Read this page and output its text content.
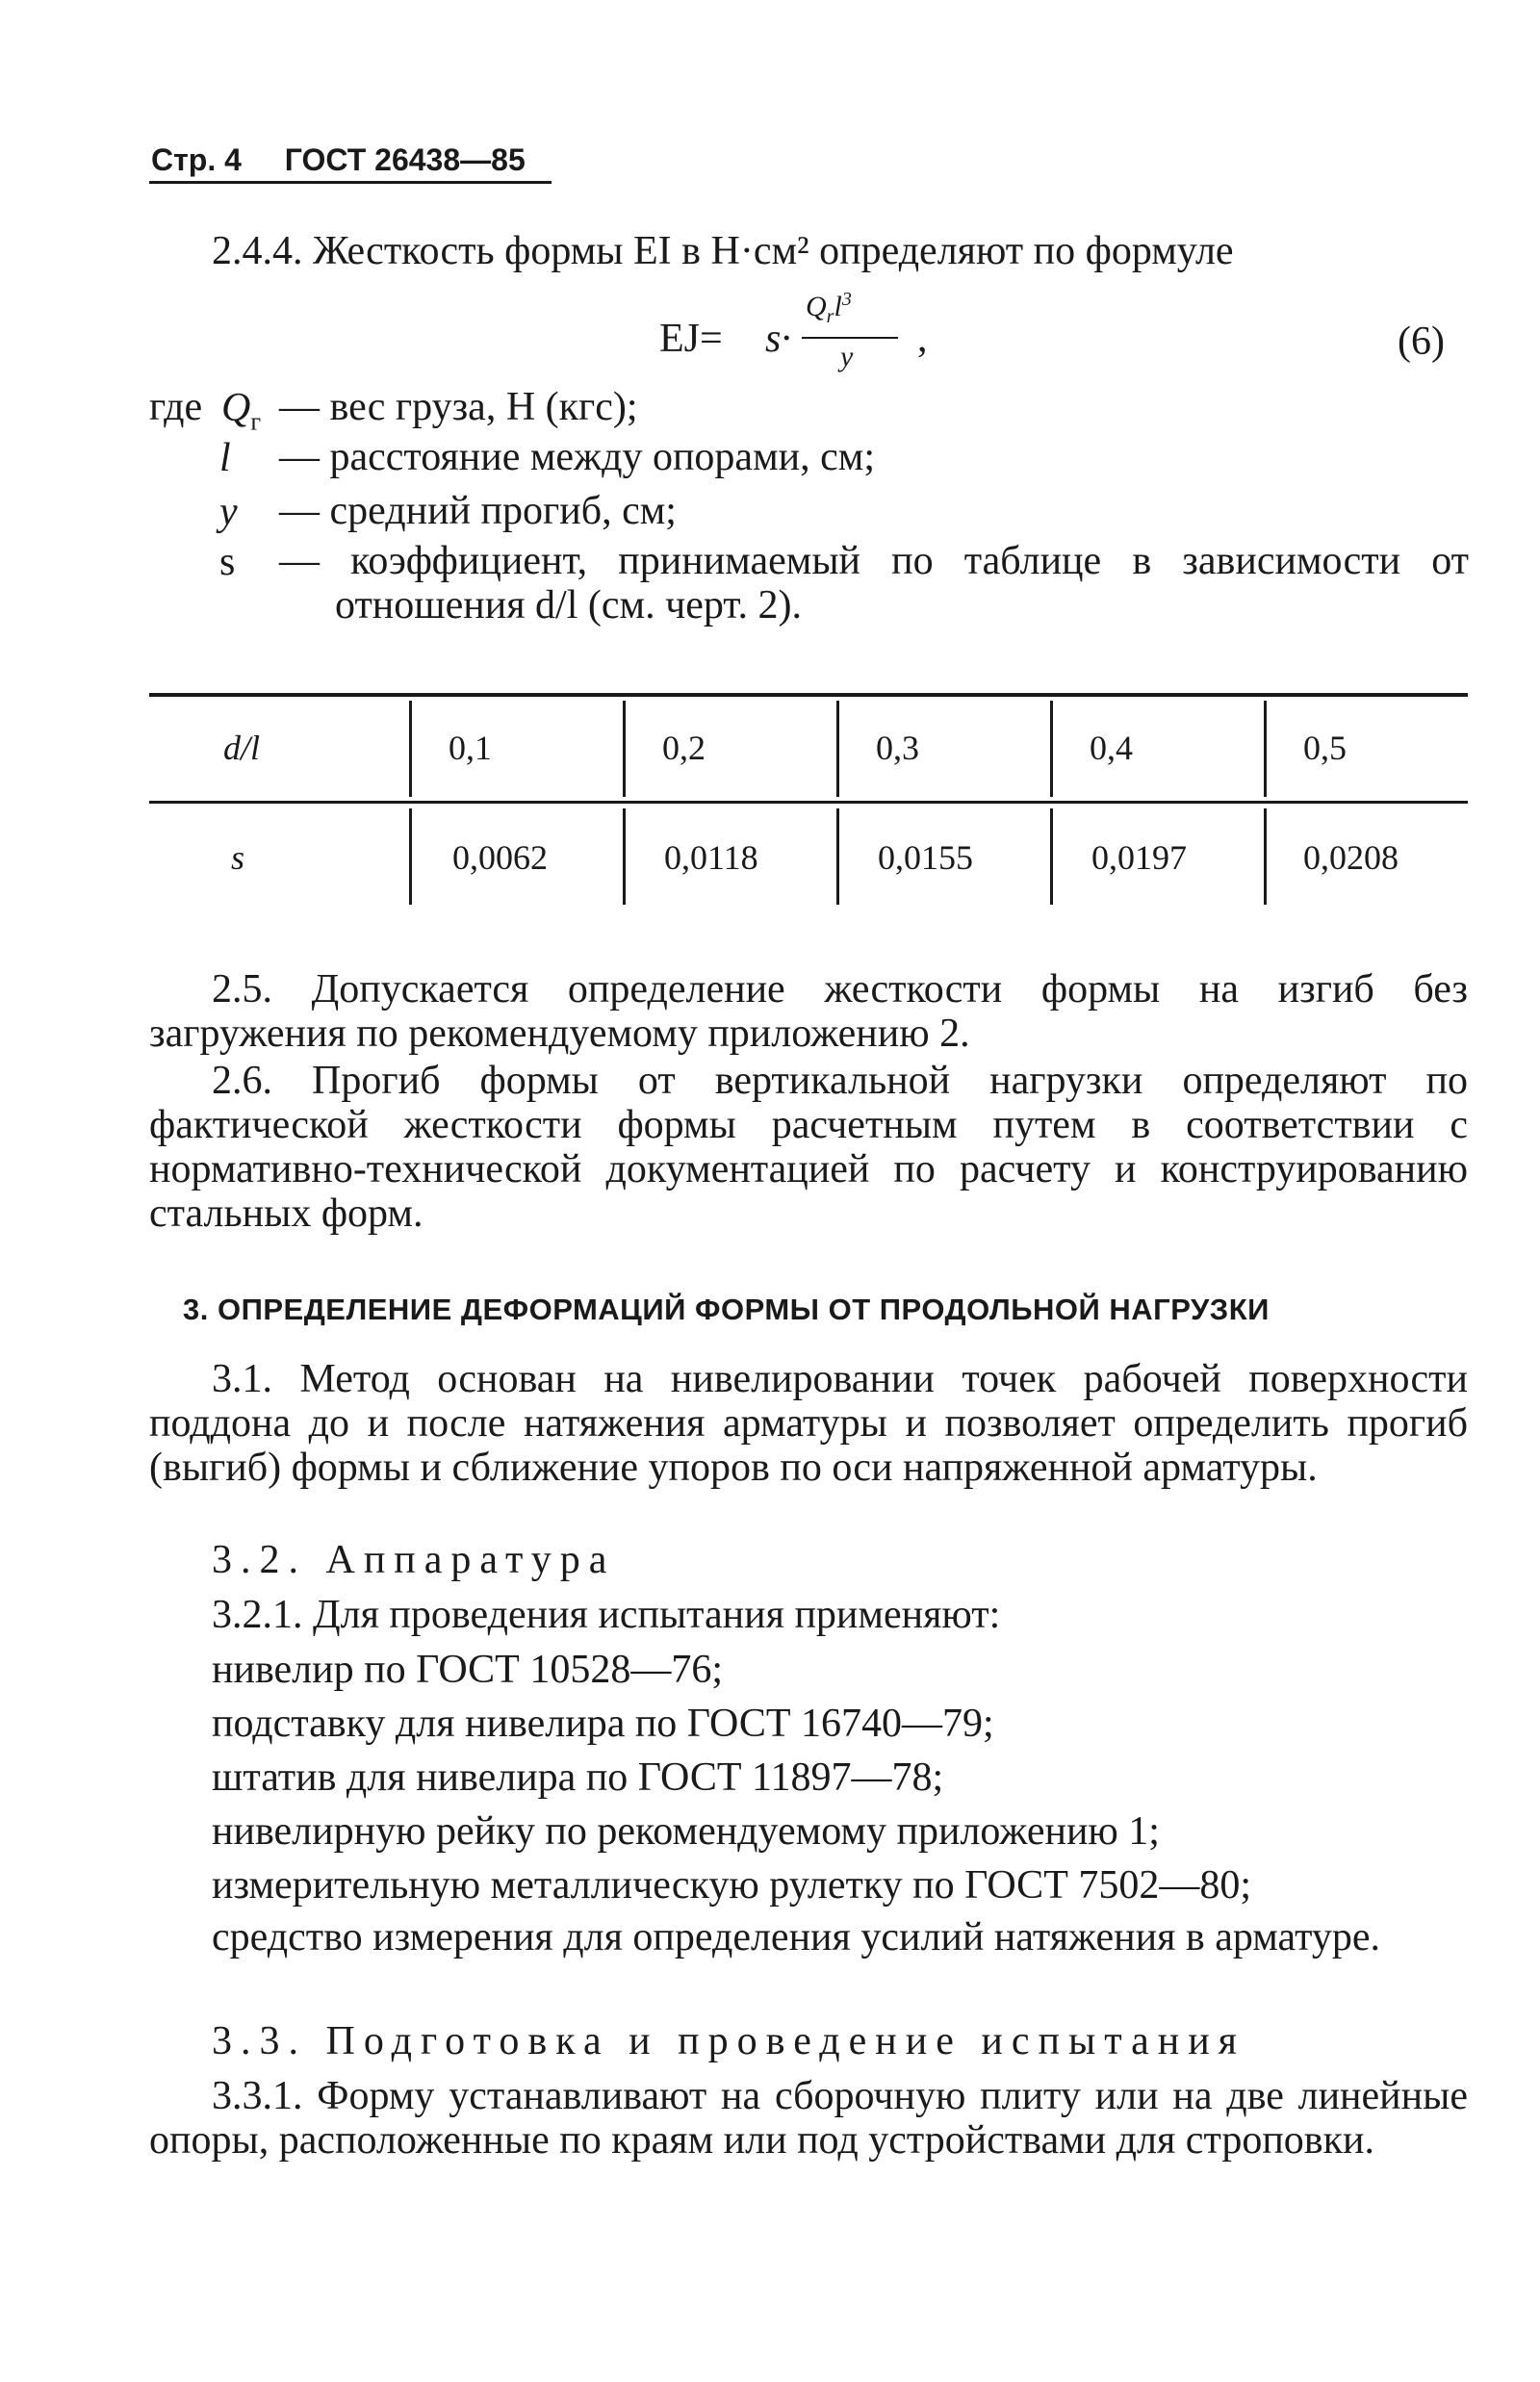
Стр. 4 ГОСТ 26438—85
2.4.4. Жесткость формы EI в Н·см² определяют по формуле
EJ= s·
$Q_rl^3$
y ,	(6)
где $Q_г$ — вес груза, Н (кгс);
l — расстояние между опорами, см;
y — средний прогиб, см;
s — коэффициент, принимаемый по таблице в зависимости от
отношения d/l (см. черт. 2).
d/l	0,1	0,2	0,3	0,4	0,5
s	0,0062	0,0118	0,0155	0,0197	0,0208
2.5. Допускается определение жесткости формы на изгиб без загружения по рекомендуемому приложению 2.
2.6. Прогиб формы от вертикальной нагрузки определяют по фактической жесткости формы расчетным путем в соответствии с нормативно-технической документацией по расчету и конструированию стальных форм.
3. ОПРЕДЕЛЕНИЕ ДЕФОРМАЦИЙ ФОРМЫ ОТ ПРОДОЛЬНОЙ НАГРУЗКИ
3.1. Метод основан на нивелировании точек рабочей поверхности поддона до и после натяжения арматуры и позволяет определить прогиб (выгиб) формы и сближение упоров по оси напряженной арматуры.
3.2. Аппаратура
3.2.1. Для проведения испытания применяют:
нивелир по ГОСТ 10528—76;
подставку для нивелира по ГОСТ 16740—79;
штатив для нивелира по ГОСТ 11897—78;
нивелирную рейку по рекомендуемому приложению 1;
измерительную металлическую рулетку по ГОСТ 7502—80;
средство измерения для определения усилий натяжения в арматуре.
3.3. Подготовка и проведение испытания
3.3.1. Форму устанавливают на сборочную плиту или на две линейные опоры, расположенные по краям или под устройствами для строповки.
